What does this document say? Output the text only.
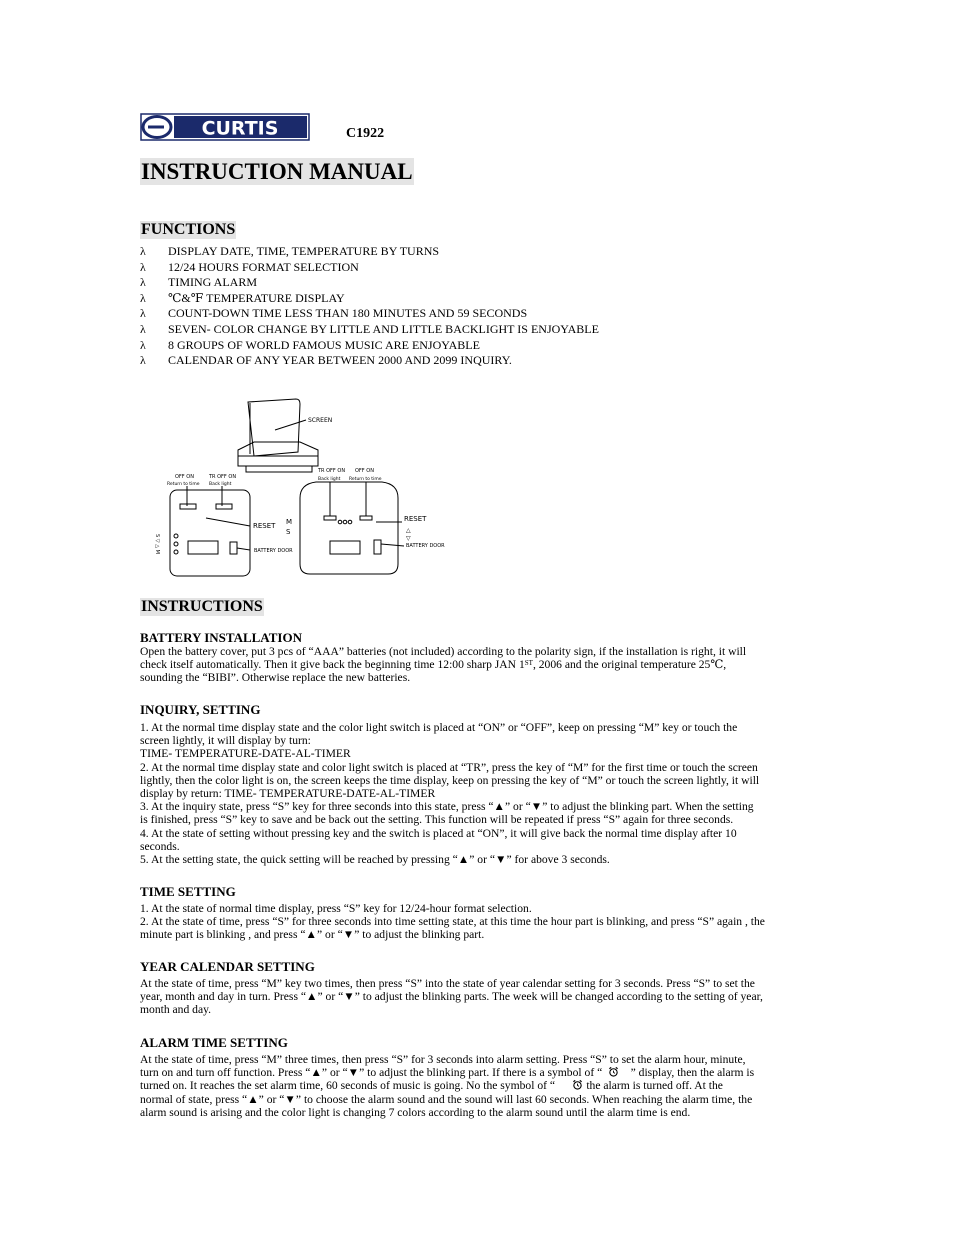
CURTIS	C1922
INSTRUCTION MANUAL
FUNCTIONS
λ DISPLAY DATE, TIME, TEMPERATURE BY TURNS
λ 12/24 HOURS FORMAT SELECTION
λ TIMING ALARM
λ ℃&℉ TEMPERATURE DISPLAY
λ COUNT-DOWN TIME LESS THAN 180 MINUTES AND 59 SECONDS
λ SEVEN- COLOR CHANGE BY LITTLE AND LITTLE BACKLIGHT IS ENJOYABLE
λ 8 GROUPS OF WORLD FAMOUS MUSIC ARE ENJOYABLE
λ CALENDAR OF ANY YEAR BETWEEN 2000 AND 2099 INQUIRY.
SCREEN
OFF ON
Return to time
TR OFF ON
Back light
RESET
BATTERY DOOR
S ▽ △ M
TR OFF ON
Back light
OFF ON
Return to time
M
S
RESET
△
▽
BATTERY DOOR
INSTRUCTIONS
BATTERY INSTALLATION

Open the battery cover, put 3 pcs of “AAA” batteries (not included) according to the polarity sign, if the installation is right, it will

check itself automatically. Then it give back the beginning time 12:00 sharp JAN 1ST, 2006 and the original temperature 25℃,

sounding the “BIBI”. Otherwise replace the new batteries.

INQUIRY, SETTING

1. At the normal time display state and the color light switch is placed at “ON” or “OFF”, keep on pressing “M” key or touch the

screen lightly, it will display by turn:

TIME- TEMPERATURE-DATE-AL-TIMER

2. At the normal time display state and color light switch is placed at “TR”, press the key of “M” for the first time or touch the screen

lightly, then the color light is on, the screen keeps the time display, keep on pressing the key of “M” or touch the screen lightly, it will

display by return: TIME- TEMPERATURE-DATE-AL-TIMER

3. At the inquiry state, press “S” key for three seconds into this state, press “▲” or “▼” to adjust the blinking part. When the setting

is finished, press “S” key to save and be back out the setting. This function will be repeated if press “S” again for three seconds.

4. At the state of setting without pressing key and the switch is placed at “ON”, it will give back the normal time display after 10

seconds.

5. At the setting state, the quick setting will be reached by pressing “▲” or “▼” for above 3 seconds.

TIME SETTING

1. At the state of normal time display, press “S” key for 12/24-hour format selection.

2. At the state of time, press “S” for three seconds into time setting state, at this time the hour part is blinking, and press “S” again , the

minute part is blinking , and press “▲” or “▼” to adjust the blinking part.

YEAR CALENDAR SETTING

At the state of time, press “M” key two times, then press “S” into the state of year calendar setting for 3 seconds. Press “S” to set the

year, month and day in turn. Press “▲” or “▼” to adjust the blinking parts. The week will be changed according to the setting of year,

month and day.

ALARM TIME SETTING

At the state of time, press “M” three times, then press “S” for 3 seconds into alarm setting. Press “S” to set the alarm hour, minute,

turn on and turn off function. Press “▲” or “▼” to adjust the blinking part. If there is a symbol of “ ” display, then the alarm is

turned on. It reaches the set alarm time, 60 seconds of music is going. No the symbol of “	the alarm is turned off. At the

normal of state, press “▲” or “▼” to choose the alarm sound and the sound will last 60 seconds. When reaching the alarm time, the

alarm sound is arising and the color light is changing 7 colors according to the alarm sound until the alarm time is end.
